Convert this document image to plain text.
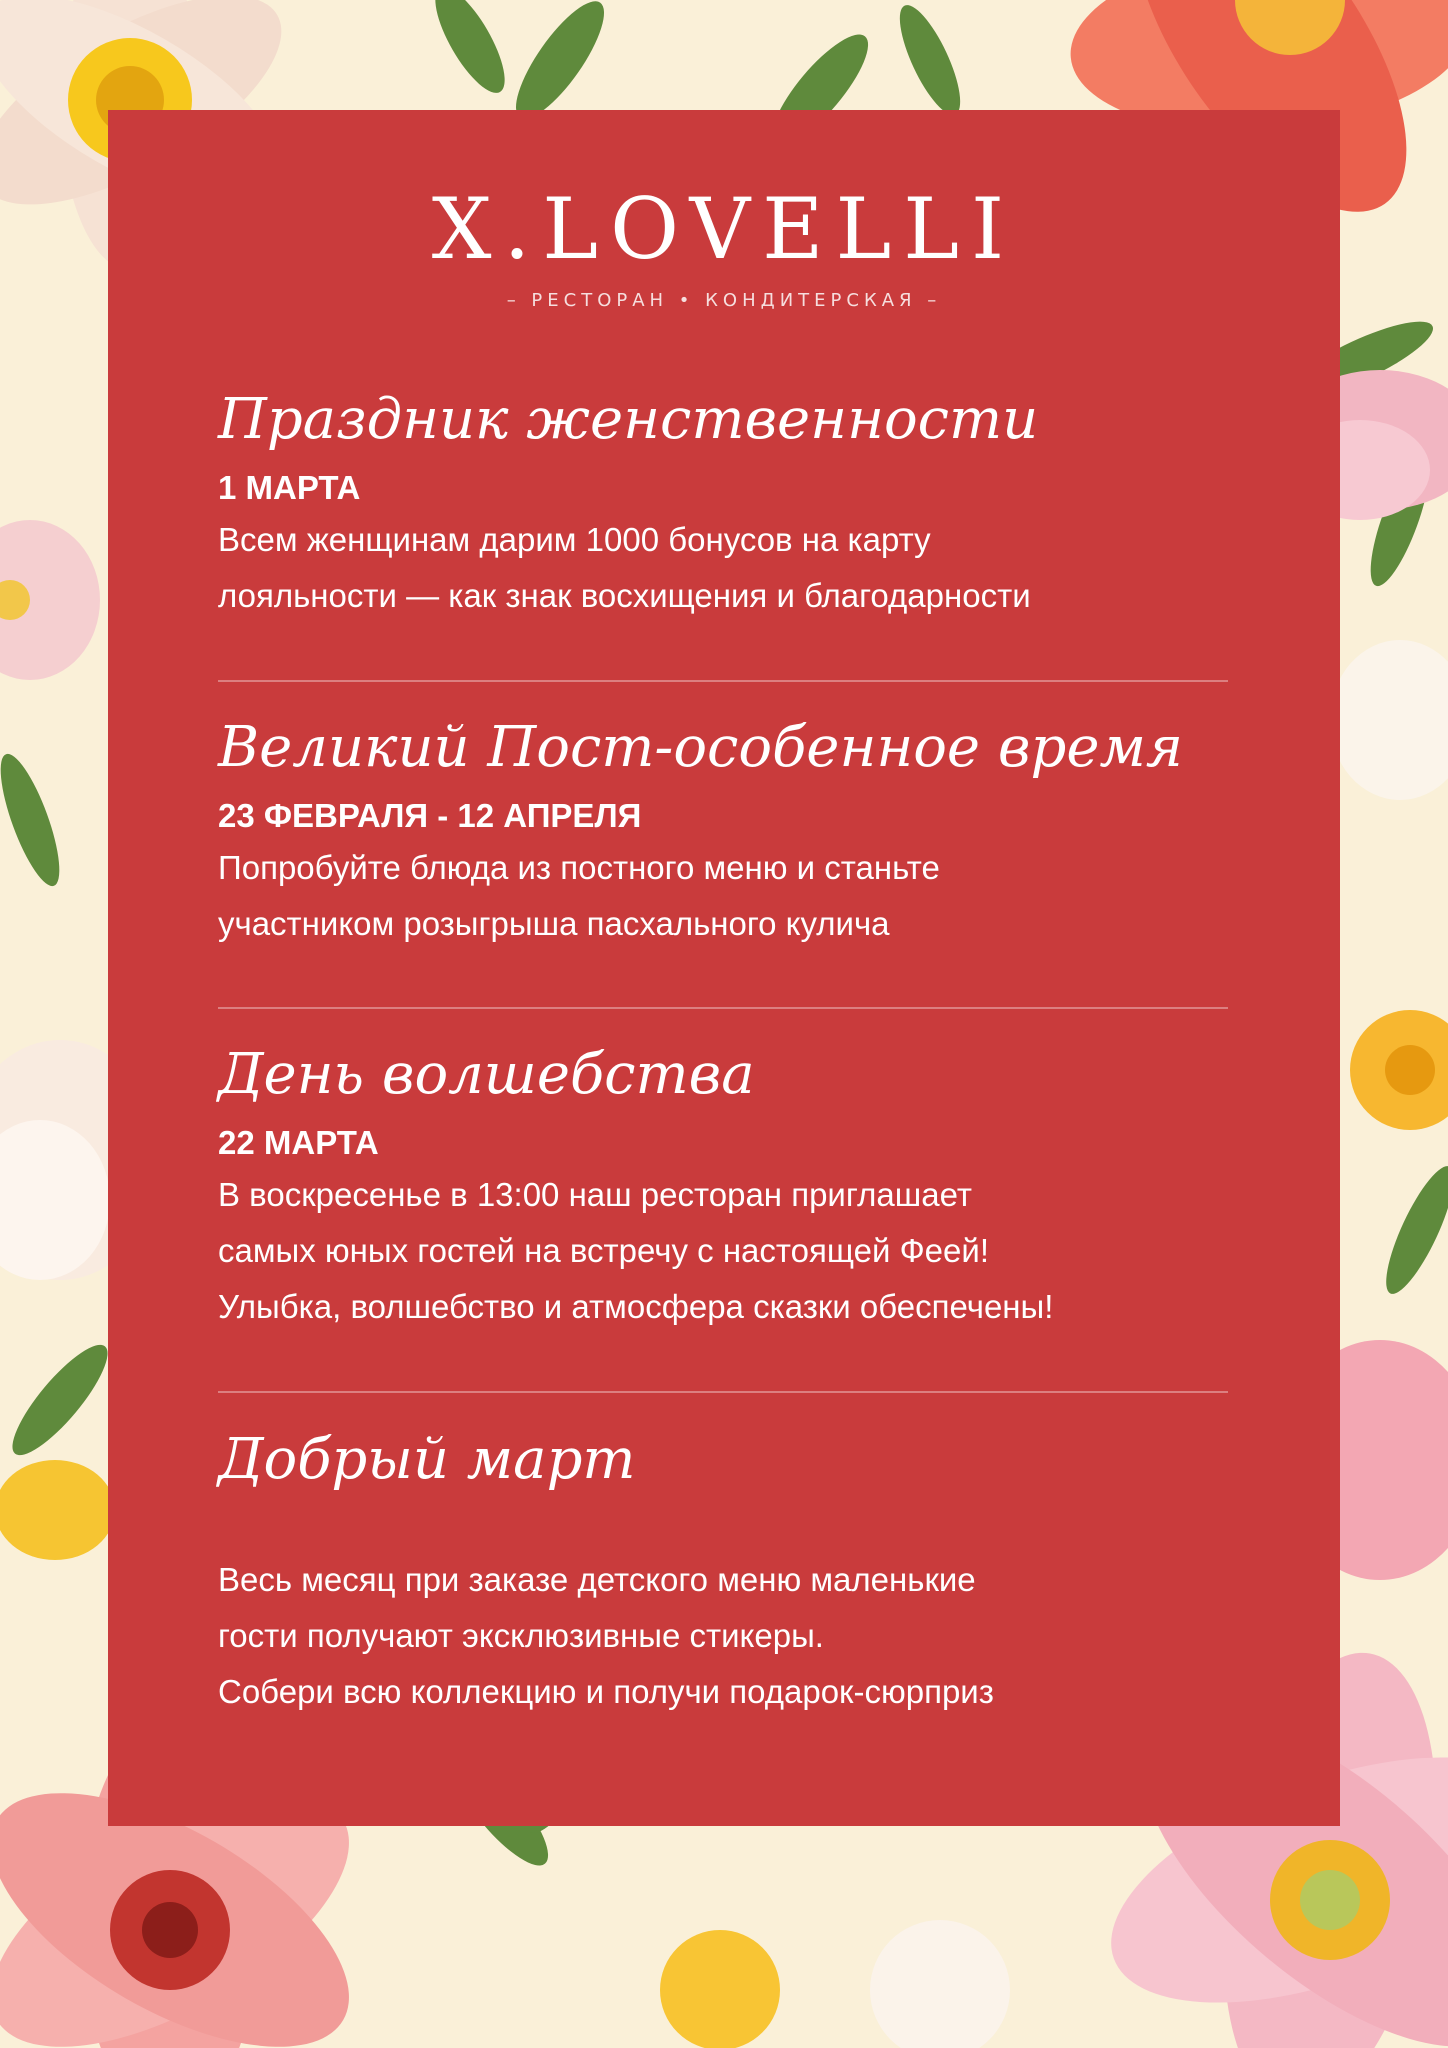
X.LOVELLI
– РЕСТОРАН • КОНДИТЕРСКАЯ –
Праздник женственности
1 МАРТА
Всем женщинам дарим 1000 бонусов на карту
лояльности — как знак восхищения и благодарности
Великий Пост-особенное время
23 ФЕВРАЛЯ - 12 АПРЕЛЯ
Попробуйте блюда из постного меню и станьте
участником розыгрыша пасхального кулича
День волшебства
22 МАРТА
В воскресенье в 13:00 наш ресторан приглашает
самых юных гостей на встречу с настоящей Феей!
Улыбка, волшебство и атмосфера сказки обеспечены!
Добрый март
Весь месяц при заказе детского меню маленькие
гости получают эксклюзивные стикеры.
Собери всю коллекцию и получи подарок-сюрприз
